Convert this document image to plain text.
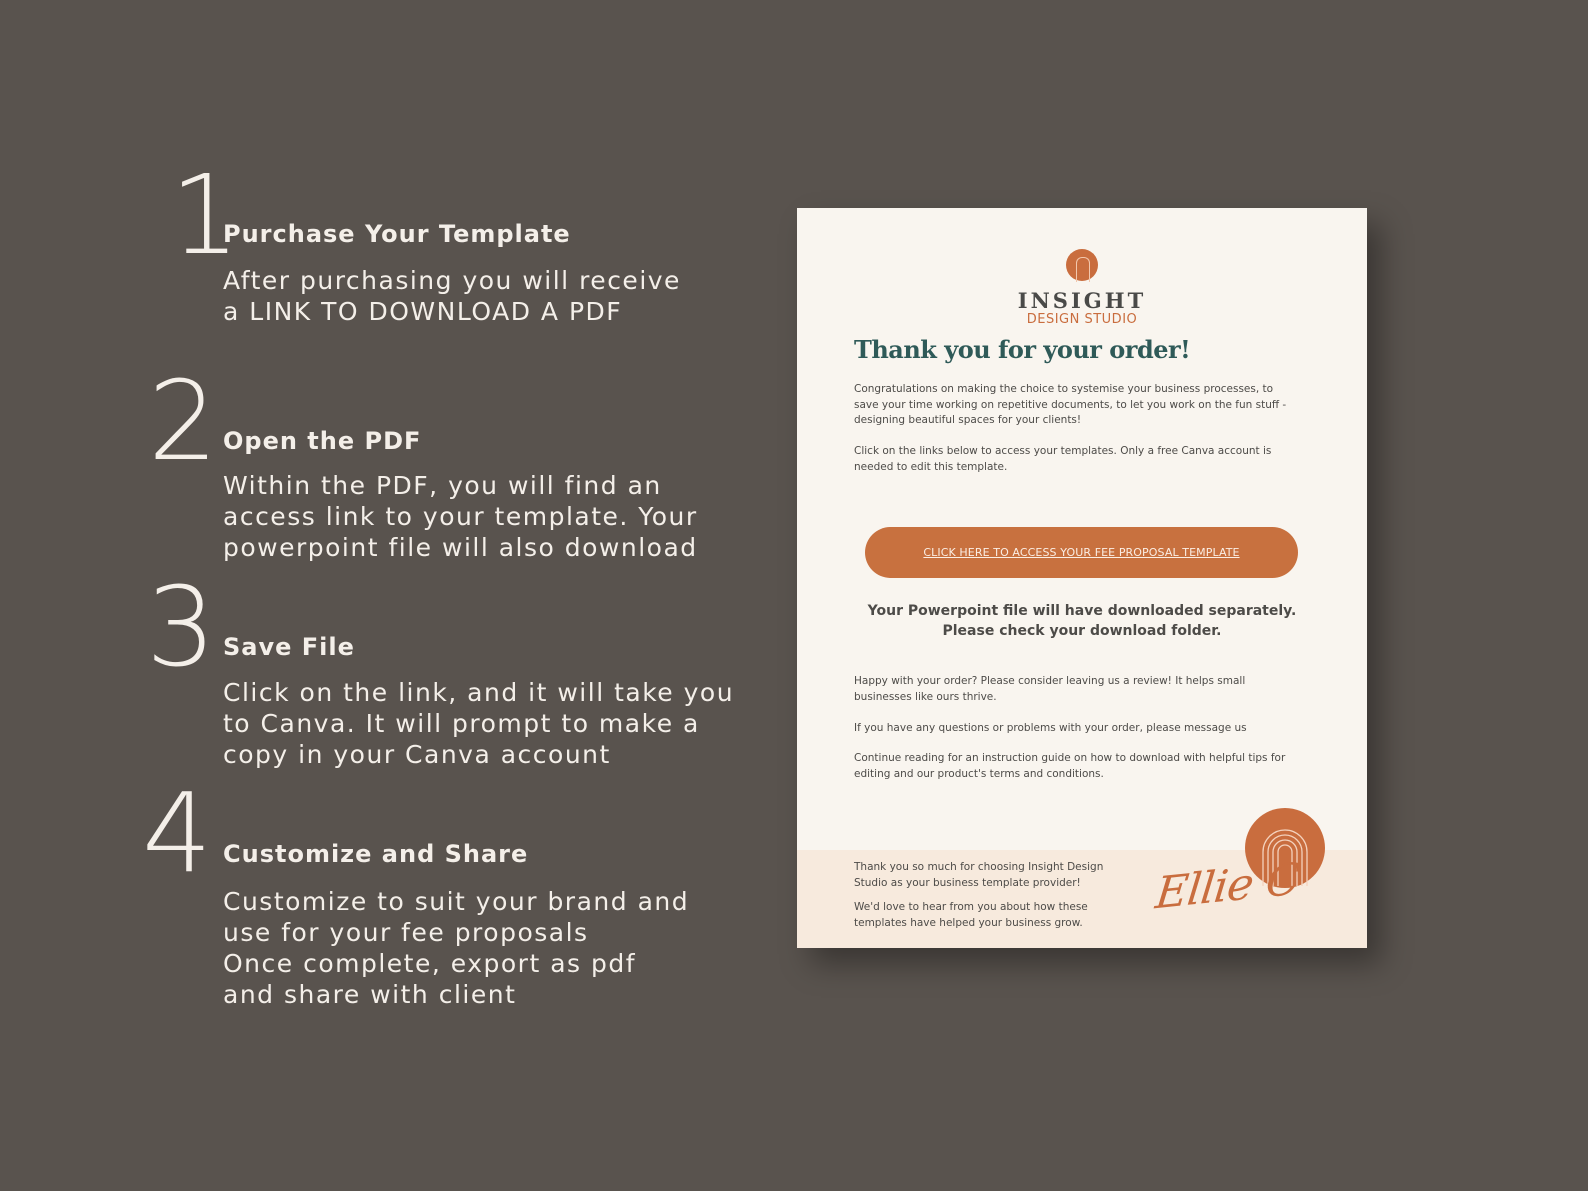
1
Purchase Your Template
After purchasing you will receive
a LINK TO DOWNLOAD A PDF
2 Open the PDF
Within the PDF, you will find an
access link to your template. Your
powerpoint file will also download
3 Save File
Click on the link, and it will take you
to Canva. It will prompt to make a
copy in your Canva account
4 Customize and Share
Customize to suit your brand and
use for your fee proposals
Once complete, export as pdf
and share with client
INSIGHT
DESIGN STUDIO
Thank you for your order!
Congratulations on making the choice to systemise your business processes, to
save your time working on repetitive documents, to let you work on the fun stuff -
designing beautiful spaces for your clients!
Click on the links below to access your templates. Only a free Canva account is
needed to edit this template.
CLICK HERE TO ACCESS YOUR FEE PROPOSAL TEMPLATE
Your Powerpoint file will have downloaded separately.
Please check your download folder.
Happy with your order? Please consider leaving us a review! It helps small
businesses like ours thrive.
If you have any questions or problems with your order, please message us
Continue reading for an instruction guide on how to download with helpful tips for
editing and our product's terms and conditions.
Thank you so much for choosing Insight Design
Studio as your business template provider!
We'd love to hear from you about how these
templates have helped your business grow.
Ellie C
